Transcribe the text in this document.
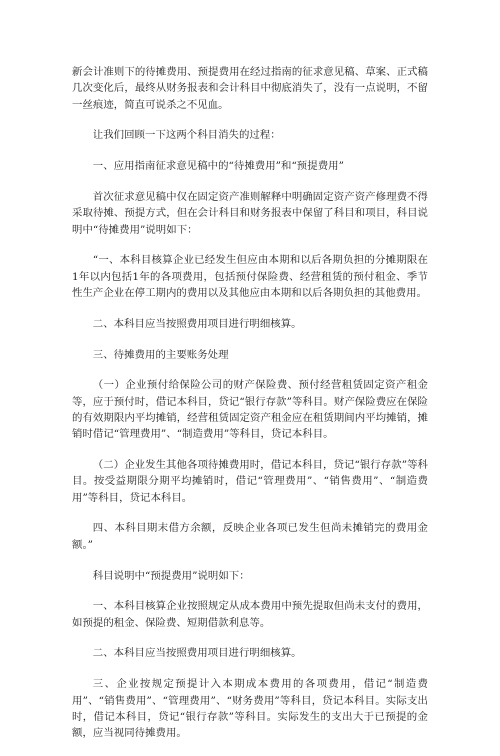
新会计准则下的待摊费用、预提费用在经过指南的征求意见稿、草案、正式稿几次变化后，最终从财务报表和会计科目中彻底消失了，没有一点说明，不留一丝痕迹，简直可说杀之不见血。

让我们回顾一下这两个科目消失的过程：

一、应用指南征求意见稿中的“待摊费用”和“预提费用”

首次征求意见稿中仅在固定资产准则解释中明确固定资产资产修理费不得采取待摊、预提方式，但在会计科目和财务报表中保留了科目和项目，科目说明中“待摊费用”说明如下：

“一、本科目核算企业已经发生但应由本期和以后各期负担的分摊期限在1年以内包括1年的各项费用，包括预付保险费、经营租赁的预付租金、季节性生产企业在停工期内的费用以及其他应由本期和以后各期负担的其他费用。

二、本科目应当按照费用项目进行明细核算。

三、待摊费用的主要账务处理

（一）企业预付给保险公司的财产保险费、预付经营租赁固定资产租金等，应于预付时，借记本科目，贷记“银行存款”等科目。财产保险费应在保险的有效期限内平均摊销，经营租赁固定资产租金应在租赁期间内平均摊销，摊销时借记“管理费用”、“制造费用”等科目，贷记本科目。

（二）企业发生其他各项待摊费用时，借记本科目，贷记“银行存款”等科目。按受益期限分期平均摊销时，借记“管理费用”、“销售费用”、“制造费用”等科目，贷记本科目。

四、本科目期末借方余额，反映企业各项已发生但尚未摊销完的费用金额。”

科目说明中“预提费用”说明如下：

一、本科目核算企业按照规定从成本费用中预先提取但尚未支付的费用，如预提的租金、保险费、短期借款利息等。

二、本科目应当按照费用项目进行明细核算。

三、企业按规定预提计入本期成本费用的各项费用，借记“制造费用”、“销售费用”、“管理费用”、“财务费用”等科目，贷记本科目。实际支出时，借记本科目，贷记“银行存款”等科目。实际发生的支出大于已预提的金额，应当视同待摊费用。
